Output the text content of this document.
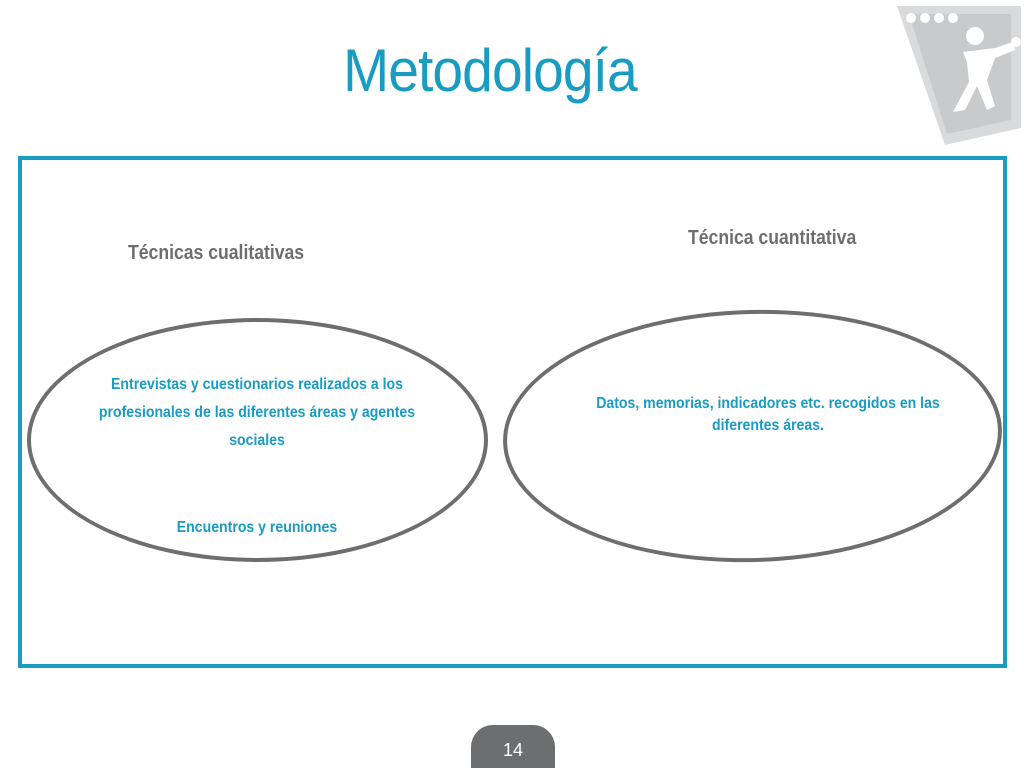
Metodología
Técnicas cualitativas
Técnica cuantitativa
Entrevistas y cuestionarios realizados a los profesionales de las diferentes áreas y agentes sociales
Encuentros y reuniones
Datos, memorias, indicadores etc. recogidos en las diferentes áreas.
14
